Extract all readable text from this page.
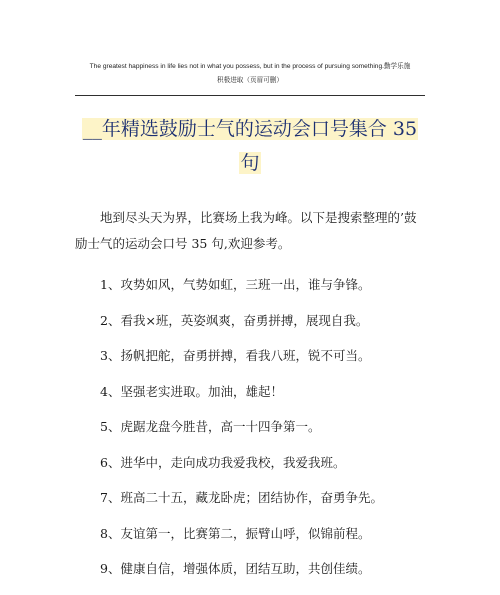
The greatest happiness in life lies not in what you possess, but in the process of pursuing something.勤学乐施
积极进取（页眉可删）
__年精选鼓励士气的运动会口号集合 35
句

地到尽头天为界，比赛场上我为峰。以下是搜索整理的’鼓励士气的运动会口号 35 句,欢迎参考。

1、攻势如风，气势如虹，三班一出，谁与争锋。

2、看我×班，英姿飒爽，奋勇拼搏，展现自我。

3、扬帆把舵，奋勇拼搏，看我八班，锐不可当。

4、坚强老实进取。加油，雄起！

5、虎踞龙盘今胜昔，高一十四争第一。

6、进华中，走向成功我爱我校，我爱我班。

7、班高二十五，藏龙卧虎；团结协作，奋勇争先。

8、友谊第一，比赛第二，振臂山呼，似锦前程。

9、健康自信，增强体质，团结互助，共创佳绩。
